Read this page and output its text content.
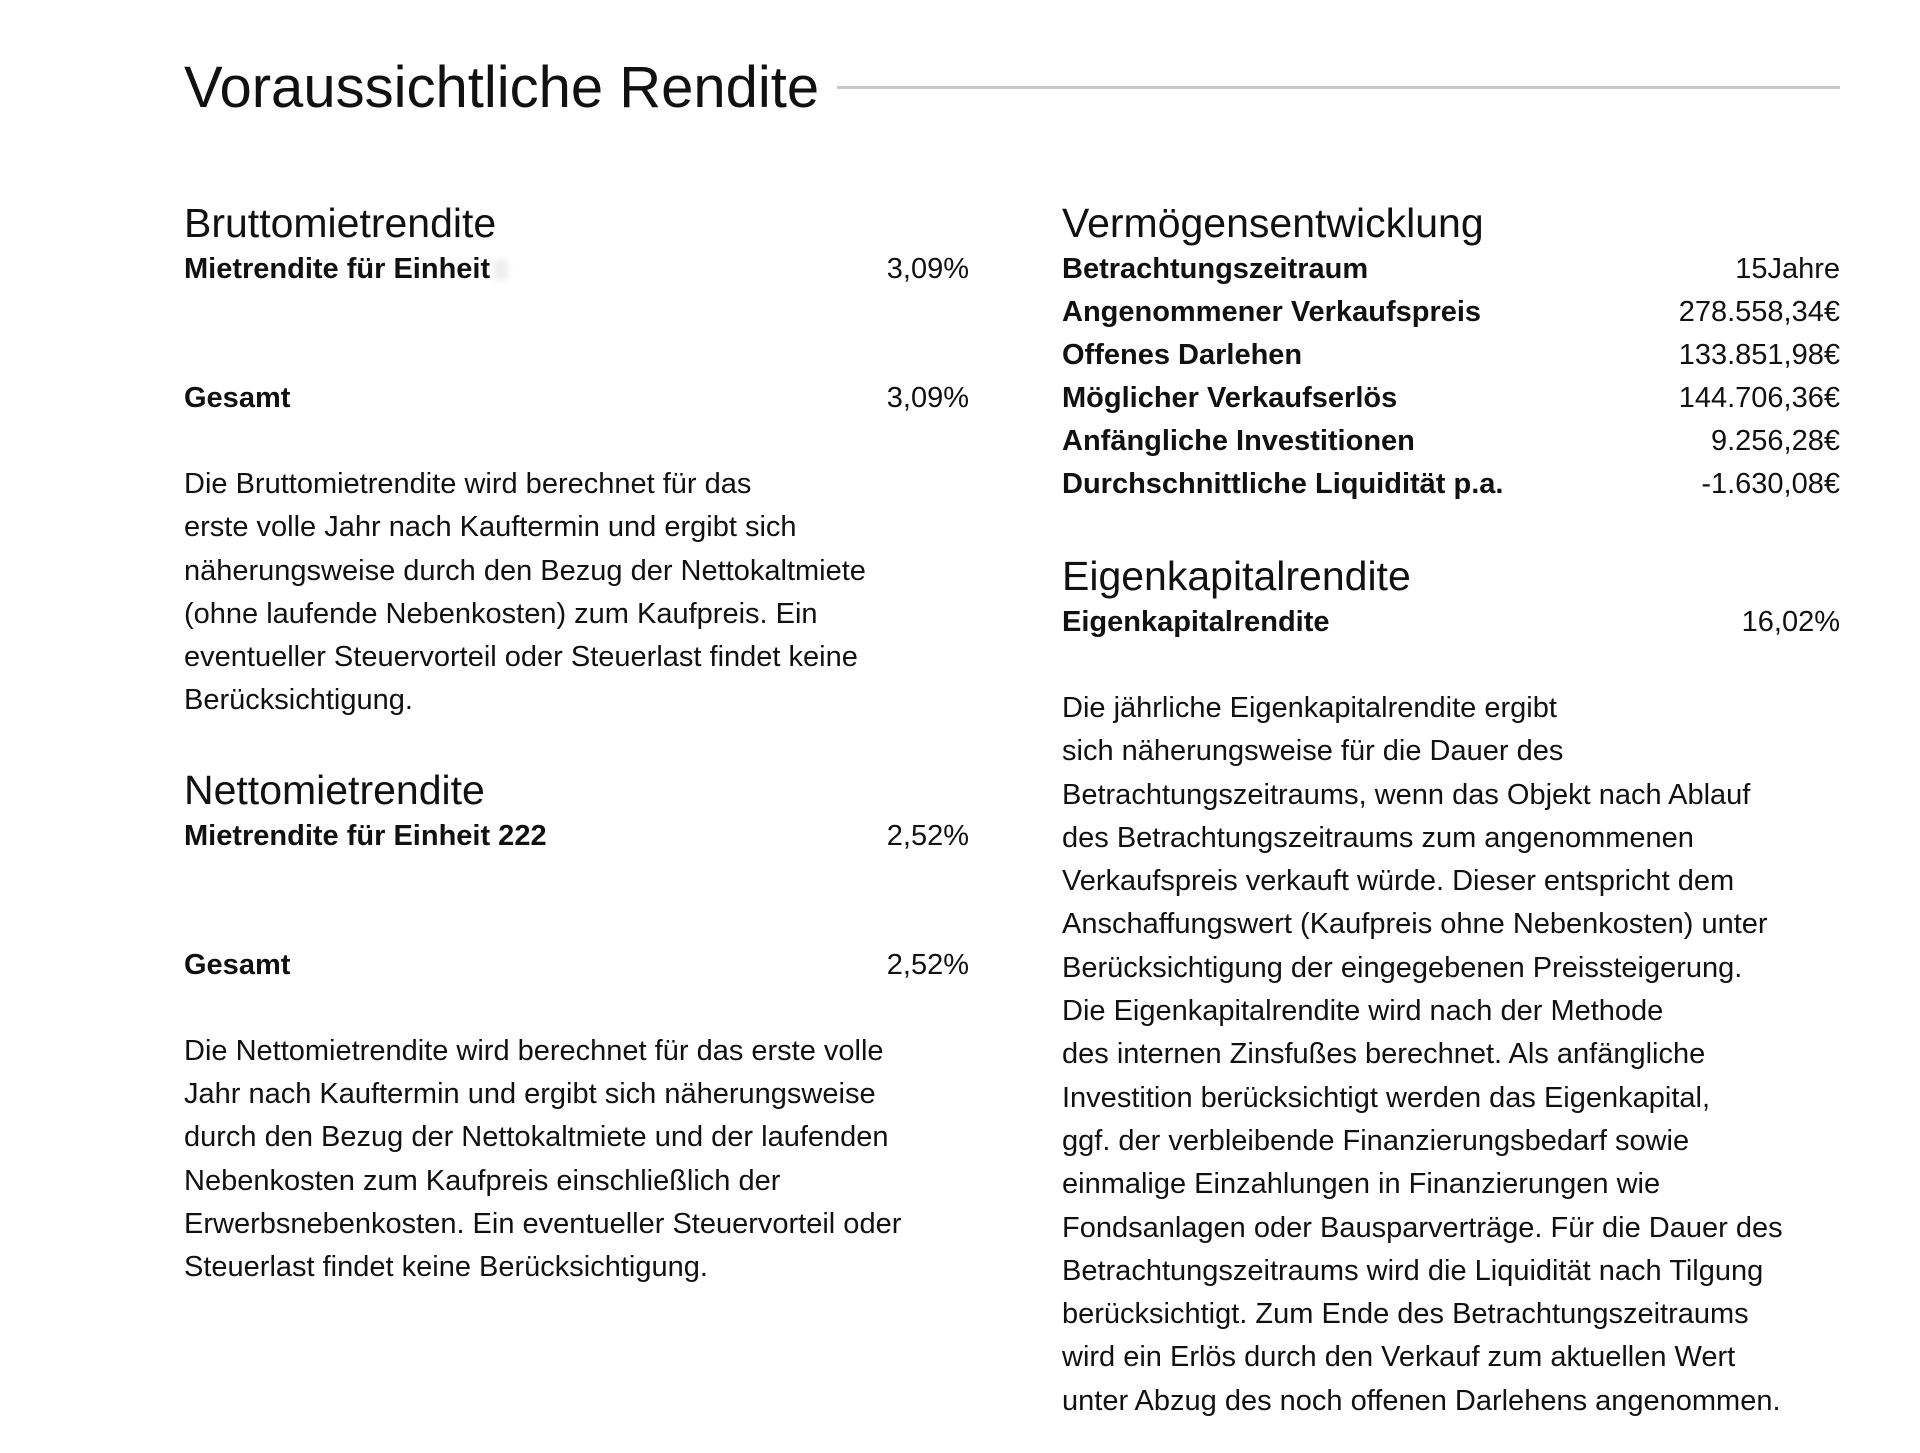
Voraussichtliche Rendite
Bruttomietrendite
Mietrendite für Einheit	3,09%
Gesamt	3,09%

Die Bruttomietrendite wird berechnet für das
erste volle Jahr nach Kauftermin und ergibt sich
näherungsweise durch den Bezug der Nettokaltmiete
(ohne laufende Nebenkosten) zum Kaufpreis. Ein
eventueller Steuervorteil oder Steuerlast findet keine
Berücksichtigung.

Nettomietrendite
Mietrendite für Einheit 222	2,52%
Gesamt	2,52%

Die Nettomietrendite wird berechnet für das erste volle
Jahr nach Kauftermin und ergibt sich näherungsweise
durch den Bezug der Nettokaltmiete und der laufenden
Nebenkosten zum Kaufpreis einschließlich der
Erwerbsnebenkosten. Ein eventueller Steuervorteil oder
Steuerlast findet keine Berücksichtigung.

Vermögensentwicklung
Betrachtungszeitraum	15Jahre
Angenommener Verkaufspreis	278.558,34€
Offenes Darlehen	133.851,98€
Möglicher Verkaufserlös	144.706,36€
Anfängliche Investitionen	9.256,28€
Durchschnittliche Liquidität p.a.	-1.630,08€
Eigenkapitalrendite
Eigenkapitalrendite	16,02%

Die jährliche Eigenkapitalrendite ergibt
sich näherungsweise für die Dauer des
Betrachtungszeitraums, wenn das Objekt nach Ablauf
des Betrachtungszeitraums zum angenommenen
Verkaufspreis verkauft würde. Dieser entspricht dem
Anschaffungswert (Kaufpreis ohne Nebenkosten) unter
Berücksichtigung der eingegebenen Preissteigerung.
Die Eigenkapitalrendite wird nach der Methode
des internen Zinsfußes berechnet. Als anfängliche
Investition berücksichtigt werden das Eigenkapital,
ggf. der verbleibende Finanzierungsbedarf sowie
einmalige Einzahlungen in Finanzierungen wie
Fondsanlagen oder Bausparverträge. Für die Dauer des
Betrachtungszeitraums wird die Liquidität nach Tilgung
berücksichtigt. Zum Ende des Betrachtungszeitraums
wird ein Erlös durch den Verkauf zum aktuellen Wert
unter Abzug des noch offenen Darlehens angenommen.
